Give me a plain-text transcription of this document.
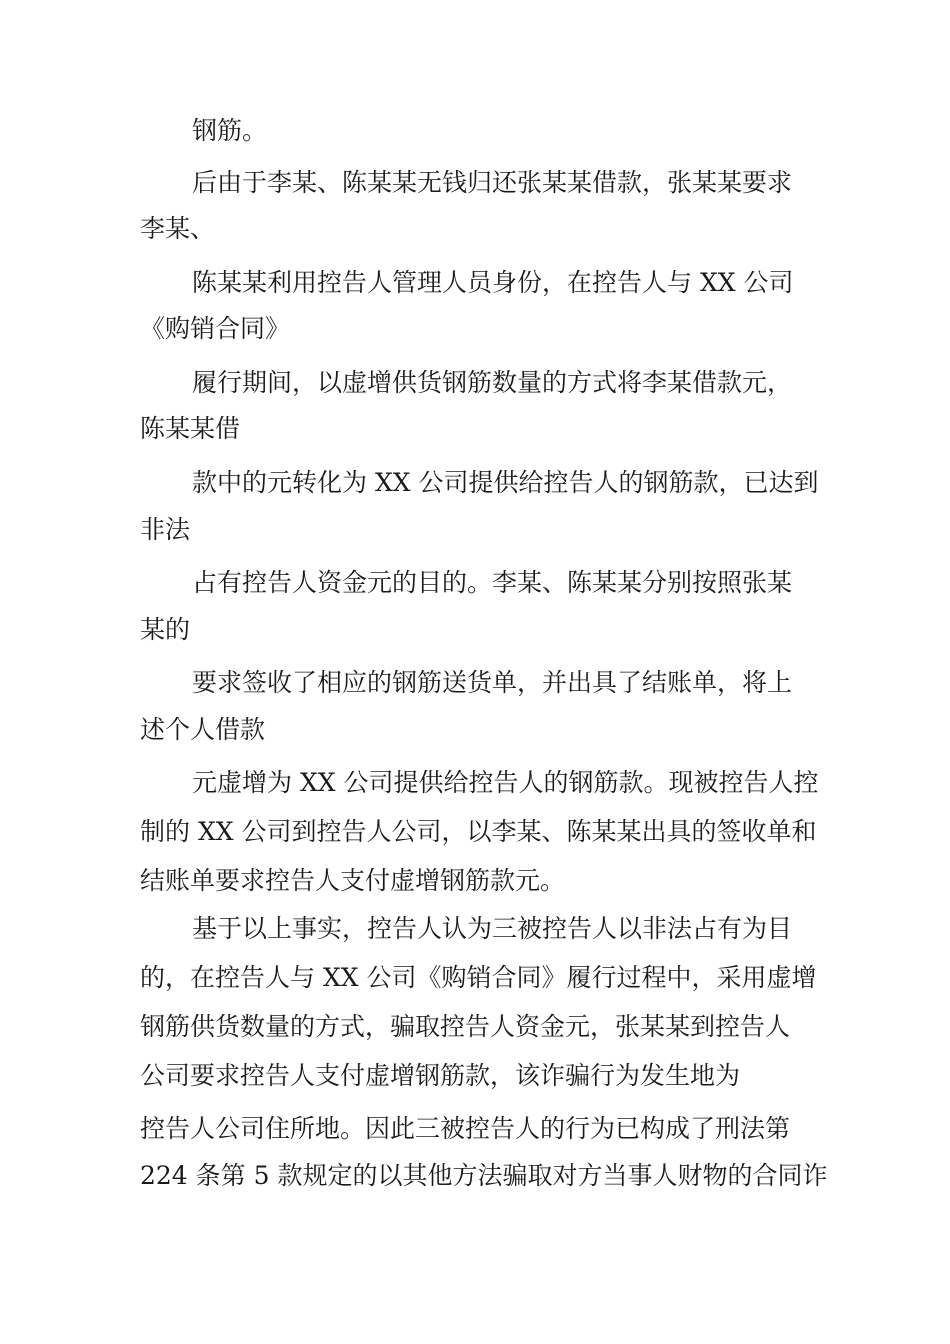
钢筋。
后由于李某、陈某某无钱归还张某某借款，张某某要求
李某、
陈某某利用控告人管理人员身份，在控告人与 XX 公司
《购销合同》
履行期间，以虚增供货钢筋数量的方式将李某借款元，
陈某某借
款中的元转化为 XX 公司提供给控告人的钢筋款，已达到
非法
占有控告人资金元的目的。李某、陈某某分别按照张某
某的
要求签收了相应的钢筋送货单，并出具了结账单，将上
述个人借款
元虚增为 XX 公司提供给控告人的钢筋款。现被控告人控
制的 XX 公司到控告人公司，以李某、陈某某出具的签收单和
结账单要求控告人支付虚增钢筋款元。
基于以上事实，控告人认为三被控告人以非法占有为目
的，在控告人与 XX 公司《购销合同》履行过程中，采用虚增
钢筋供货数量的方式，骗取控告人资金元，张某某到控告人
公司要求控告人支付虚增钢筋款，该诈骗行为发生地为
控告人公司住所地。因此三被控告人的行为已构成了刑法第
224 条第 5 款规定的以其他方法骗取对方当事人财物的合同诈
